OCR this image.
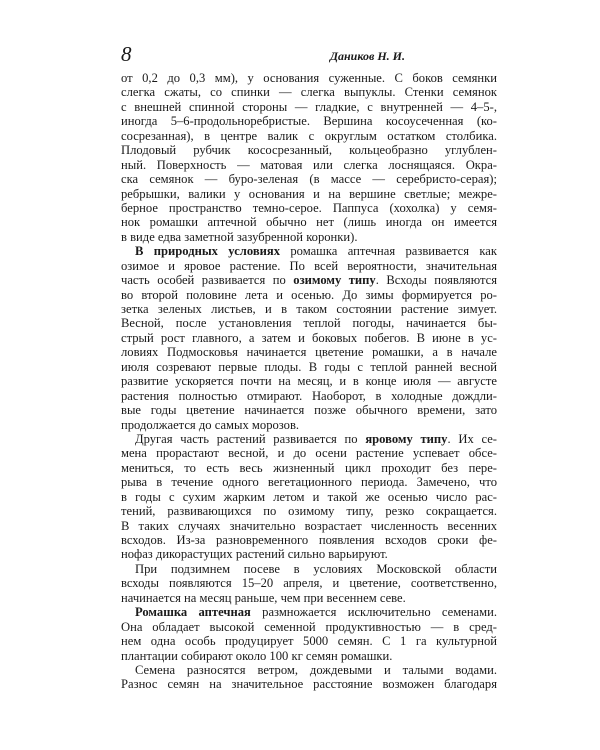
8	Даников Н. И.
от 0,2 до 0,3 мм), у основания суженные. С боков семянки
слегка сжаты, со спинки — слегка выпуклы. Стенки семянок
с внешней спинной стороны — гладкие, с внутренней — 4–5-,
иногда 5–6-продольноребристые. Вершина косоусеченная (ко-
сосрезанная), в центре валик с округлым остатком столбика.
Плодовый рубчик кососрезанный, кольцеобразно углублен-
ный. Поверхность — матовая или слегка лоснящаяся. Окра-
ска семянок — буро-зеленая (в массе — серебристо-серая);
ребрышки, валики у основания и на вершине светлые; межре-
берное пространство темно-серое. Паппуса (хохолка) у семя-
нок ромашки аптечной обычно нет (лишь иногда он имеется
в виде едва заметной зазубренной коронки).
В природных условиях ромашка аптечная развивается как
озимое и яровое растение. По всей вероятности, значительная
часть особей развивается по озимому типу. Всходы появляются
во второй половине лета и осенью. До зимы формируется ро-
зетка зеленых листьев, и в таком состоянии растение зимует.
Весной, после установления теплой погоды, начинается бы-
стрый рост главного, а затем и боковых побегов. В июне в ус-
ловиях Подмосковья начинается цветение ромашки, а в начале
июля созревают первые плоды. В годы с теплой ранней весной
развитие ускоряется почти на месяц, и в конце июля — августе
растения полностью отмирают. Наоборот, в холодные дождли-
вые годы цветение начинается позже обычного времени, зато
продолжается до самых морозов.
Другая часть растений развивается по яровому типу. Их се-
мена прорастают весной, и до осени растение успевает обсе-
мениться, то есть весь жизненный цикл проходит без пере-
рыва в течение одного вегетационного периода. Замечено, что
в годы с сухим жарким летом и такой же осенью число рас-
тений, развивающихся по озимому типу, резко сокращается.
В таких случаях значительно возрастает численность весенних
всходов. Из-за разновременного появления всходов сроки фе-
нофаз дикорастущих растений сильно варьируют.
При подзимнем посеве в условиях Московской области
всходы появляются 15–20 апреля, и цветение, соответственно,
начинается на месяц раньше, чем при весеннем севе.
Ромашка аптечная размножается исключительно семенами.
Она обладает высокой семенной продуктивностью — в сред-
нем одна особь продуцирует 5000 семян. С 1 га культурной
плантации собирают около 100 кг семян ромашки.
Семена разносятся ветром, дождевыми и талыми водами.
Разнос семян на значительное расстояние возможен благодаря
